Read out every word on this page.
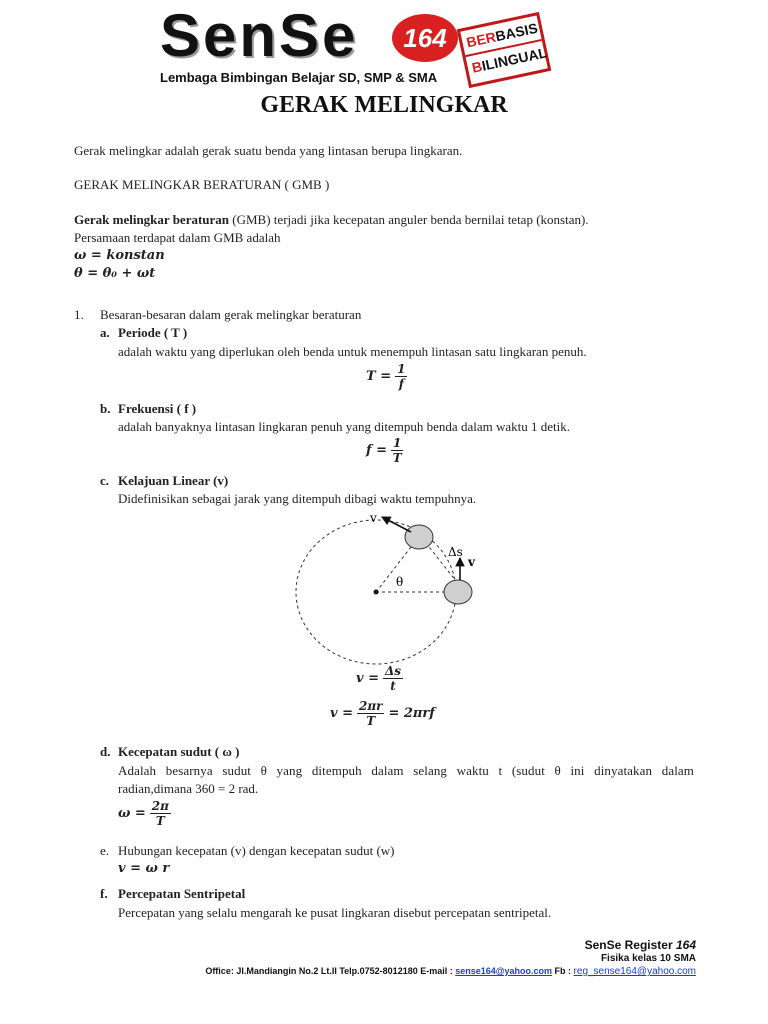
SenSe	164
Lembaga Bimbingan Belajar SD, SMP & SMA
BERBASIS
BILINGUAL
GERAK MELINGKAR
Gerak melingkar adalah gerak suatu benda yang lintasan berupa lingkaran.
GERAK MELINGKAR BERATURAN ( GMB )
Gerak melingkar beraturan (GMB) terjadi jika kecepatan anguler benda bernilai tetap (konstan).
Persamaan terdapat dalam GMB adalah
ω = konstan
θ = θ₀ + ωt
1. Besaran-besaran dalam gerak melingkar beraturan
a. Periode ( T )
adalah waktu yang diperlukan oleh benda untuk menempuh lintasan satu lingkaran penuh.
$T = \frac{1}{f}$
b. Frekuensi ( f )
adalah banyaknya lintasan lingkaran penuh yang ditempuh benda dalam waktu 1 detik.
$f = \frac{1}{T}$
c. Kelajuan Linear (v)
Didefinisikan sebagai jarak yang ditempuh dibagi waktu tempuhnya.
v
Δs
v
θ
$v = \frac{\Delta s}{t}$
$v = \frac{2\pi r}{T} = 2\pi rf$
d. Kecepatan sudut ( ω )
Adalah besarnya sudut θ yang ditempuh dalam selang waktu t (sudut θ ini dinyatakan dalam
radian,dimana 360 = 2 rad.
$\omega = \frac{2\pi}{T}$
e. Hubungan kecepatan (v) dengan kecepatan sudut (w)
v = ω r
f. Percepatan Sentripetal
Percepatan yang selalu mengarah ke pusat lingkaran disebut percepatan sentripetal.
SenSe Register 164
Fisika kelas 10 SMA
Office: Jl.Mandiangin No.2 Lt.II Telp.0752-8012180 E-mail : sense164@yahoo.com Fb : reg_sense164@yahoo.com
